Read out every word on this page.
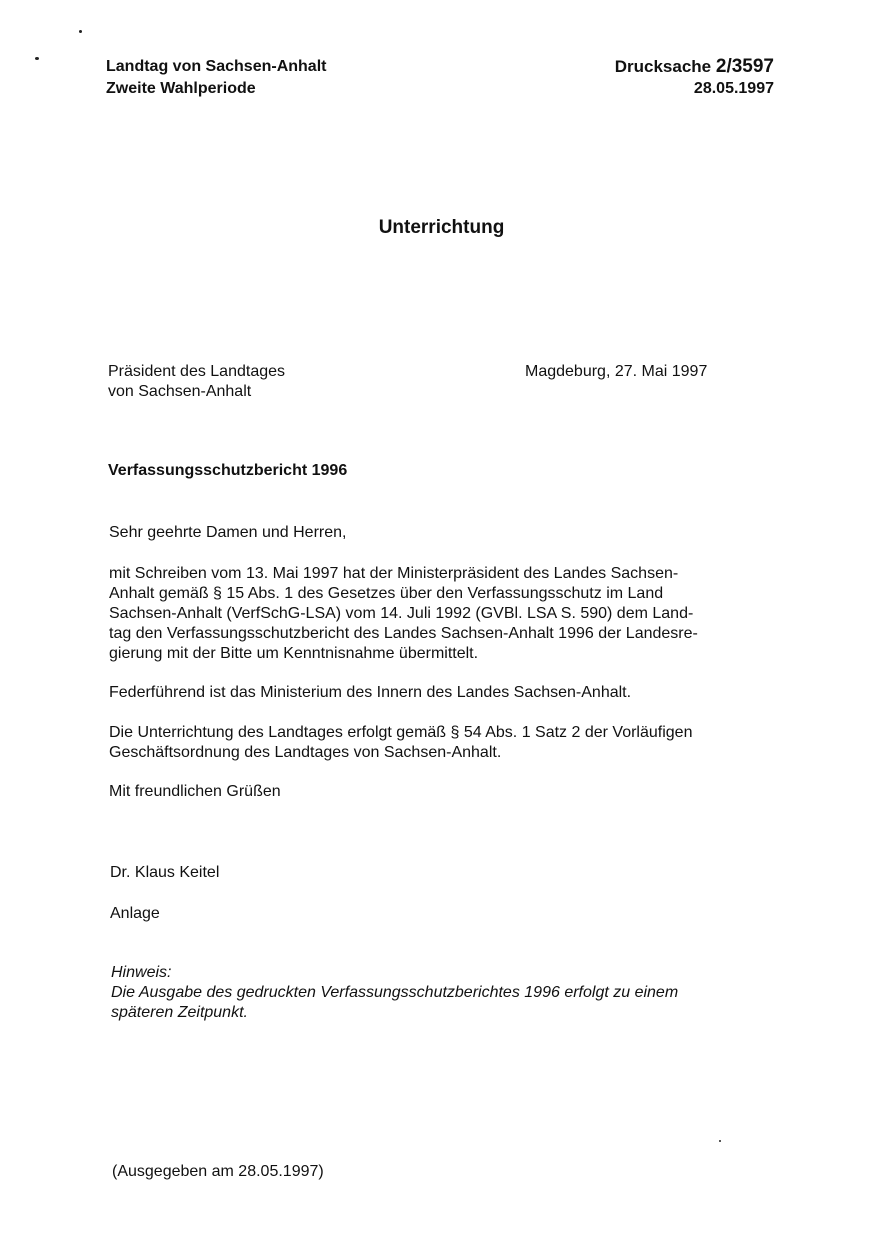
Landtag von Sachsen-Anhalt
Zweite Wahlperiode
Drucksache 2/3597
28.05.1997
Unterrichtung
Präsident des Landtages
von Sachsen-Anhalt
Magdeburg, 27. Mai 1997
Verfassungsschutzbericht 1996
Sehr geehrte Damen und Herren,
mit Schreiben vom 13. Mai 1997 hat der Ministerpräsident des Landes Sachsen-
Anhalt gemäß § 15 Abs. 1 des Gesetzes über den Verfassungsschutz im Land
Sachsen-Anhalt (VerfSchG-LSA) vom 14. Juli 1992 (GVBl. LSA S. 590) dem Land-
tag den Verfassungsschutzbericht des Landes Sachsen-Anhalt 1996 der Landesre-
gierung mit der Bitte um Kenntnisnahme übermittelt.
Federführend ist das Ministerium des Innern des Landes Sachsen-Anhalt.
Die Unterrichtung des Landtages erfolgt gemäß § 54 Abs. 1 Satz 2 der Vorläufigen
Geschäftsordnung des Landtages von Sachsen-Anhalt.
Mit freundlichen Grüßen
Dr. Klaus Keitel
Anlage
Hinweis:
Die Ausgabe des gedruckten Verfassungsschutzberichtes 1996 erfolgt zu einem
späteren Zeitpunkt.
(Ausgegeben am 28.05.1997)
